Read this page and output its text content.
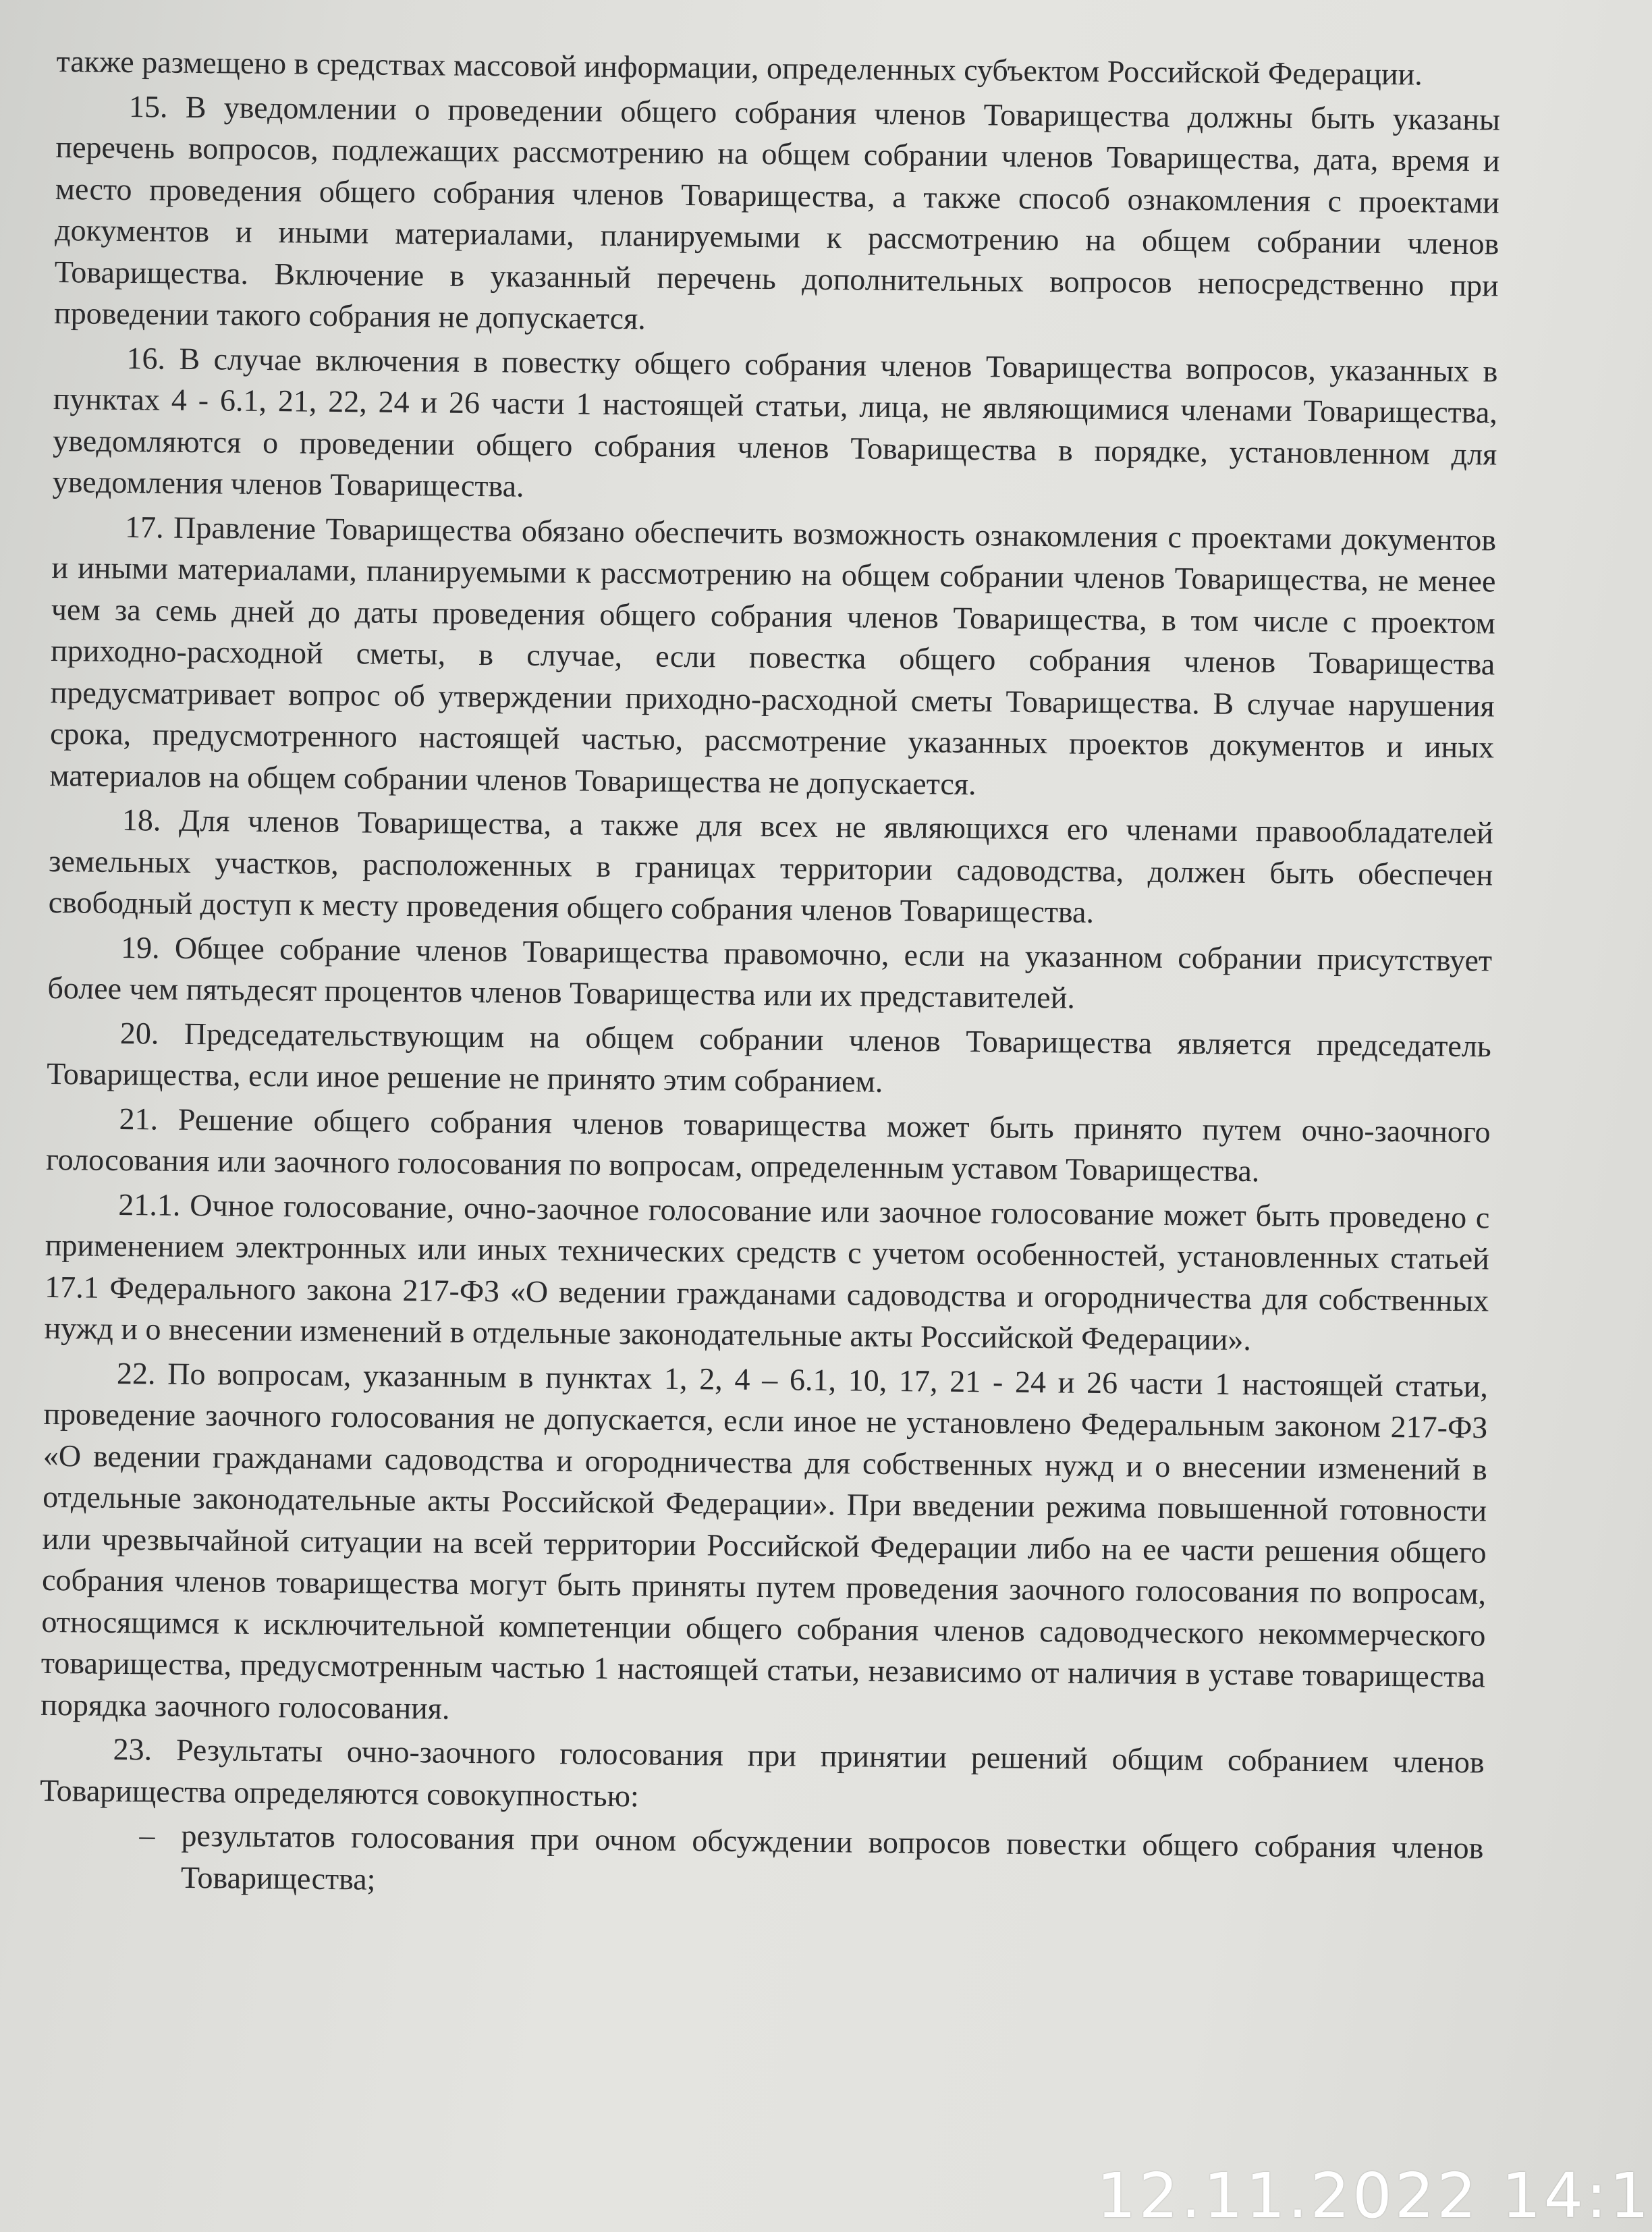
также размещено в средствах массовой информации, определенных субъектом Российской Федерации.

15. В уведомлении о проведении общего собрания членов Товарищества должны быть указаны перечень вопросов, подлежащих рассмотрению на общем собрании членов Товарищества, дата, время и место проведения общего собрания членов Товарищества, а также способ ознакомления с проектами документов и иными материалами, планируемыми к рассмотрению на общем собрании членов Товарищества. Включение в указанный перечень дополнительных вопросов непосредственно при проведении такого собрания не допускается.

16. В случае включения в повестку общего собрания членов Товарищества вопросов, указанных в пунктах 4 - 6.1, 21, 22, 24 и 26 части 1 настоящей статьи, лица, не являющимися членами Товарищества, уведомляются о проведении общего собрания членов Товарищества в порядке, установленном для уведомления членов Товарищества.

17. Правление Товарищества обязано обеспечить возможность ознакомления с проектами документов и иными материалами, планируемыми к рассмотрению на общем собрании членов Товарищества, не менее чем за семь дней до даты проведения общего собрания членов Товарищества, в том числе с проектом приходно-расходной сметы, в случае, если повестка общего собрания членов Товарищества предусматривает вопрос об утверждении приходно-расходной сметы Товарищества. В случае нарушения срока, предусмотренного настоящей частью, рассмотрение указанных проектов документов и иных материалов на общем собрании членов Товарищества не допускается.

18. Для членов Товарищества, а также для всех не являющихся его членами правообладателей земельных участков, расположенных в границах территории садоводства, должен быть обеспечен свободный доступ к месту проведения общего собрания членов Товарищества.

19. Общее собрание членов Товарищества правомочно, если на указанном собрании присутствует более чем пятьдесят процентов членов Товарищества или их представителей.

20. Председательствующим на общем собрании членов Товарищества является председатель Товарищества, если иное решение не принято этим собранием.

21. Решение общего собрания членов товарищества может быть принято путем очно-заочного голосования или заочного голосования по вопросам, определенным уставом Товарищества.

21.1. Очное голосование, очно-заочное голосование или заочное голосование может быть проведено с применением электронных или иных технических средств с учетом особенностей, установленных статьей 17.1 Федерального закона 217-ФЗ «О ведении гражданами садоводства и огородничества для собственных нужд и о внесении изменений в отдельные законодательные акты Российской Федерации».

22. По вопросам, указанным в пунктах 1, 2, 4 – 6.1, 10, 17, 21 - 24 и 26 части 1 настоящей статьи, проведение заочного голосования не допускается, если иное не установлено Федеральным законом 217-ФЗ «О ведении гражданами садоводства и огородничества для собственных нужд и о внесении изменений в отдельные законодательные акты Российской Федерации». При введении режима повышенной готовности или чрезвычайной ситуации на всей территории Российской Федерации либо на ее части решения общего собрания членов товарищества могут быть приняты путем проведения заочного голосования по вопросам, относящимся к исключительной компетенции общего собрания членов садоводческого некоммерческого товарищества, предусмотренным частью 1 настоящей статьи, независимо от наличия в уставе товарищества порядка заочного голосования.

23. Результаты очно-заочного голосования при принятии решений общим собранием членов Товарищества определяются совокупностью:

– результатов голосования при очном обсуждении вопросов повестки общего собрания членов Товарищества;
12.11.2022 14:1
